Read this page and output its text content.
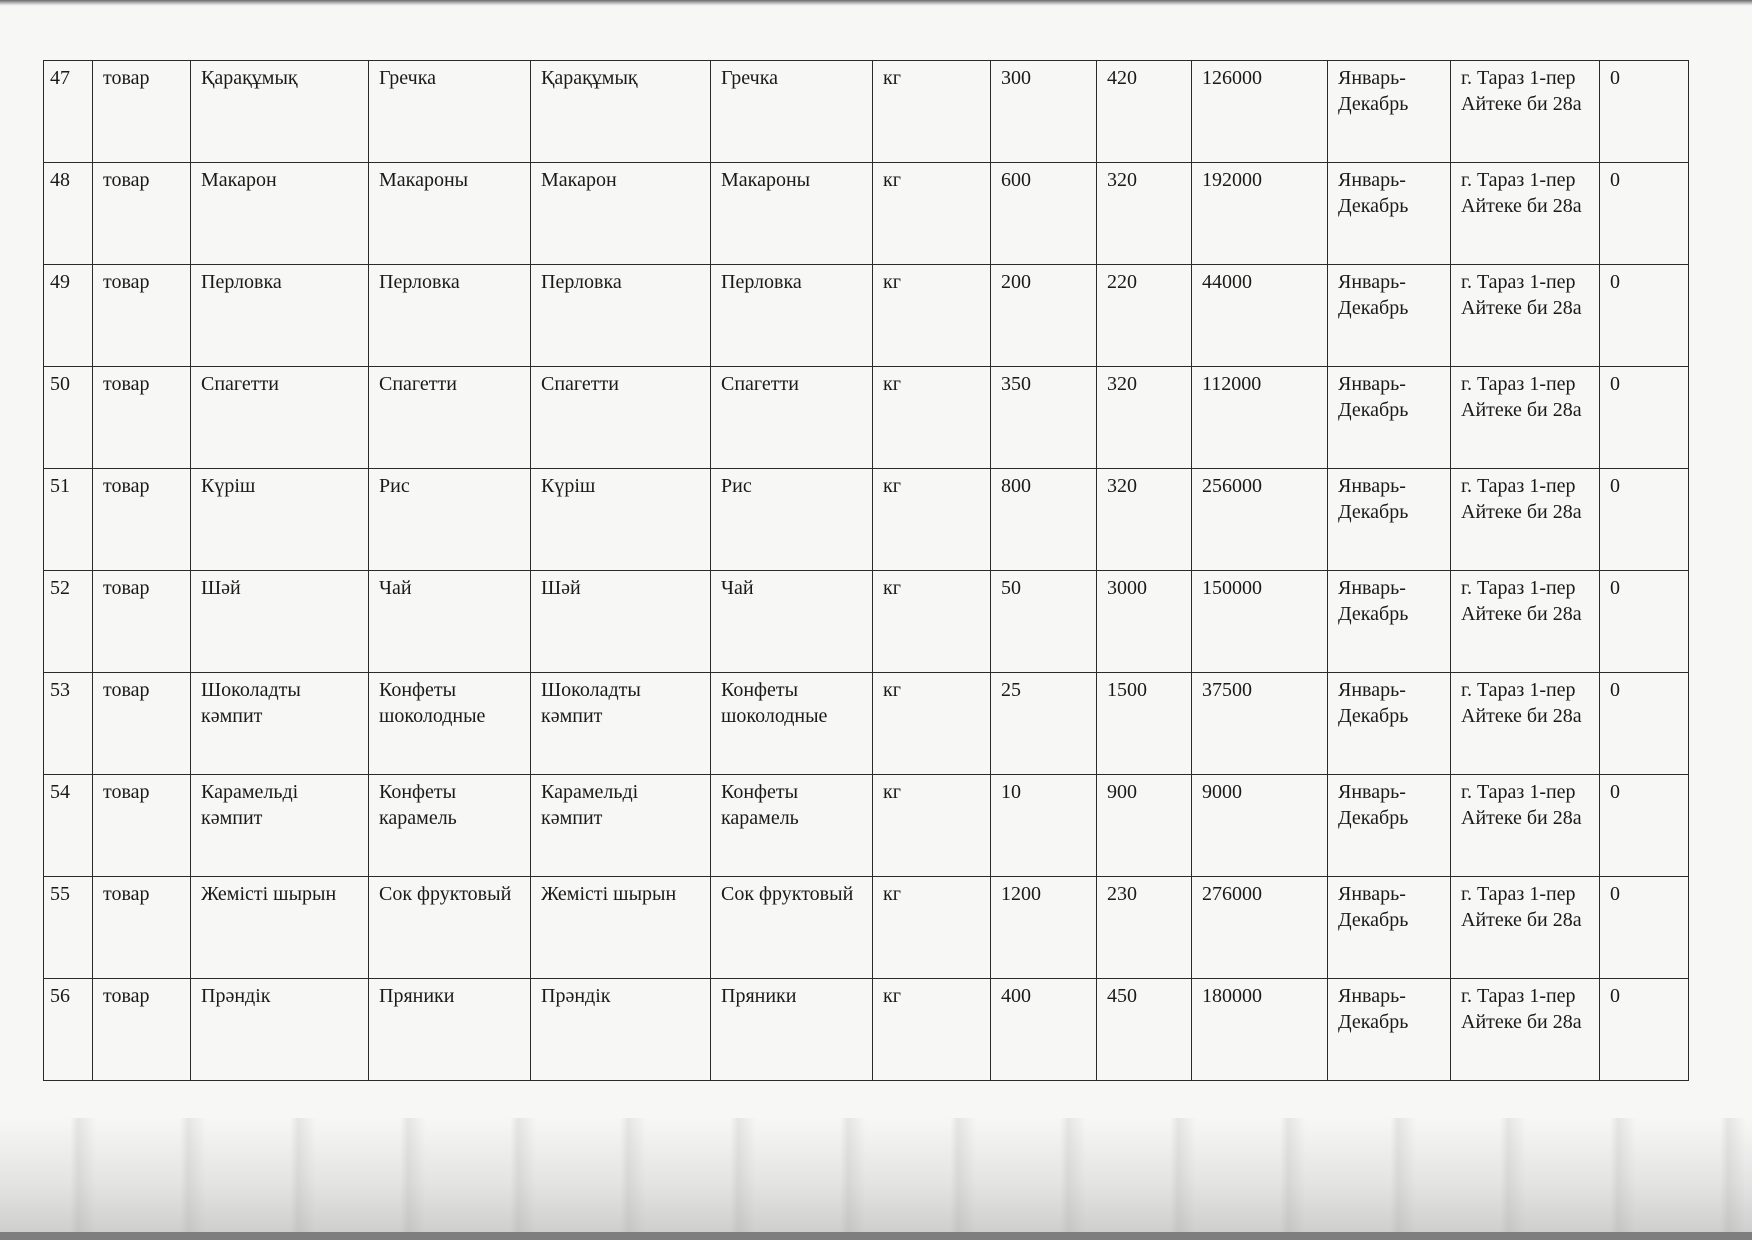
47	товар	Қарақұмық	Гречка	Қарақұмық	Гречка	кг	300	420	126000	Январь-Декабрь	г. Тараз 1-пер Айтеке би 28а	0
48	товар	Макарон	Макароны	Макарон	Макароны	кг	600	320	192000	Январь-Декабрь	г. Тараз 1-пер Айтеке би 28а	0
49	товар	Перловка	Перловка	Перловка	Перловка	кг	200	220	44000	Январь-Декабрь	г. Тараз 1-пер Айтеке би 28а	0
50	товар	Спагетти	Спагетти	Спагетти	Спагетти	кг	350	320	112000	Январь-Декабрь	г. Тараз 1-пер Айтеке би 28а	0
51	товар	Күріш	Рис	Күріш	Рис	кг	800	320	256000	Январь-Декабрь	г. Тараз 1-пер Айтеке би 28а	0
52	товар	Шәй	Чай	Шәй	Чай	кг	50	3000	150000	Январь-Декабрь	г. Тараз 1-пер Айтеке би 28а	0
53	товар	Шоколадты кәмпит	Конфеты шоколодные	Шоколадты кәмпит	Конфеты шоколодные	кг	25	1500	37500	Январь-Декабрь	г. Тараз 1-пер Айтеке би 28а	0
54	товар	Карамельді кәмпит	Конфеты карамель	Карамельді кәмпит	Конфеты карамель	кг	10	900	9000	Январь-Декабрь	г. Тараз 1-пер Айтеке би 28а	0
55	товар	Жемісті шырын	Сок фруктовый	Жемісті шырын	Сок фруктовый	кг	1200	230	276000	Январь-Декабрь	г. Тараз 1-пер Айтеке би 28а	0
56	товар	Прәндік	Пряники	Прәндік	Пряники	кг	400	450	180000	Январь-Декабрь	г. Тараз 1-пер Айтеке би 28а	0
